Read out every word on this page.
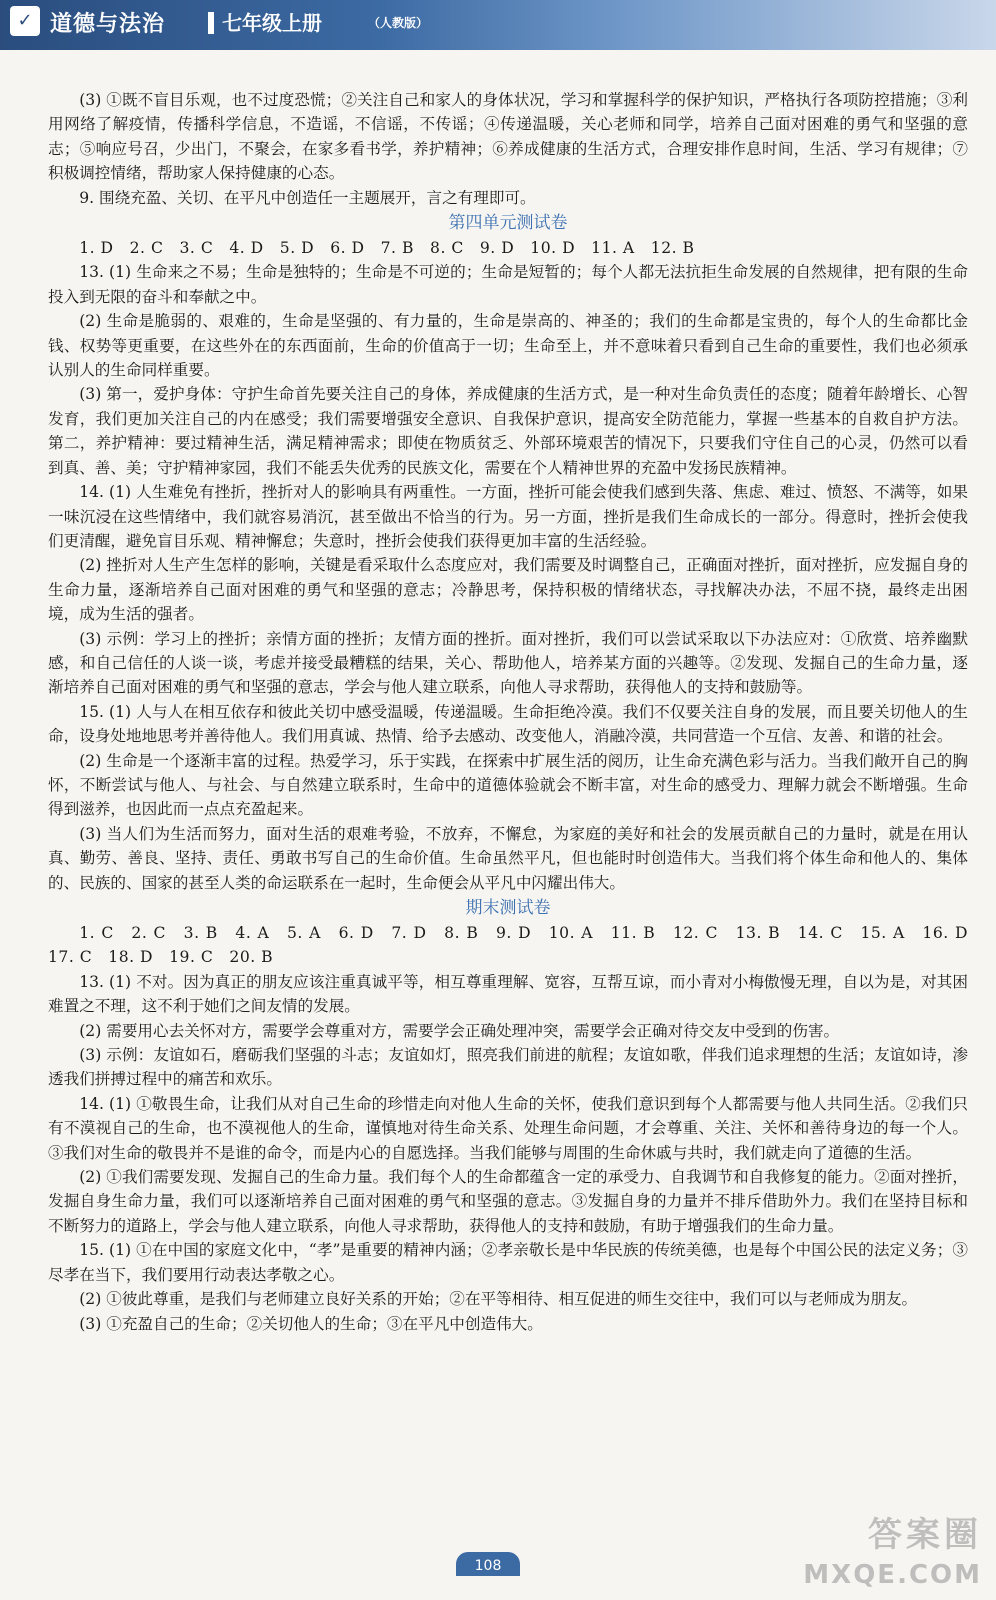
✓ 道德与法治	七年级上册	（人教版）

(3) ①既不盲目乐观，也不过度恐慌；②关注自己和家人的身体状况，学习和掌握科学的保护知识，严格执行各项防控措施；③利用网络了解疫情，传播科学信息，不造谣，不信谣，不传谣；④传递温暖，关心老师和同学，培养自己面对困难的勇气和坚强的意志；⑤响应号召，少出门，不聚会，在家多看书学，养护精神；⑥养成健康的生活方式，合理安排作息时间，生活、学习有规律；⑦积极调控情绪，帮助家人保持健康的心态。

9. 围绕充盈、关切、在平凡中创造任一主题展开，言之有理即可。

第四单元测试卷

1. D　2. C　3. C　4. D　5. D　6. D　7. B　8. C　9. D　10. D　11. A　12. B

13. (1) 生命来之不易；生命是独特的；生命是不可逆的；生命是短暂的；每个人都无法抗拒生命发展的自然规律，把有限的生命投入到无限的奋斗和奉献之中。

(2) 生命是脆弱的、艰难的，生命是坚强的、有力量的，生命是崇高的、神圣的；我们的生命都是宝贵的，每个人的生命都比金钱、权势等更重要，在这些外在的东西面前，生命的价值高于一切；生命至上，并不意味着只看到自己生命的重要性，我们也必须承认别人的生命同样重要。

(3) 第一，爱护身体：守护生命首先要关注自己的身体，养成健康的生活方式，是一种对生命负责任的态度；随着年龄增长、心智发育，我们更加关注自己的内在感受；我们需要增强安全意识、自我保护意识，提高安全防范能力，掌握一些基本的自救自护方法。第二，养护精神：要过精神生活，满足精神需求；即使在物质贫乏、外部环境艰苦的情况下，只要我们守住自己的心灵，仍然可以看到真、善、美；守护精神家园，我们不能丢失优秀的民族文化，需要在个人精神世界的充盈中发扬民族精神。

14. (1) 人生难免有挫折，挫折对人的影响具有两重性。一方面，挫折可能会使我们感到失落、焦虑、难过、愤怒、不满等，如果一味沉浸在这些情绪中，我们就容易消沉，甚至做出不恰当的行为。另一方面，挫折是我们生命成长的一部分。得意时，挫折会使我们更清醒，避免盲目乐观、精神懈怠；失意时，挫折会使我们获得更加丰富的生活经验。

(2) 挫折对人生产生怎样的影响，关键是看采取什么态度应对，我们需要及时调整自己，正确面对挫折，面对挫折，应发掘自身的生命力量，逐渐培养自己面对困难的勇气和坚强的意志；冷静思考，保持积极的情绪状态，寻找解决办法，不屈不挠，最终走出困境，成为生活的强者。

(3) 示例：学习上的挫折；亲情方面的挫折；友情方面的挫折。面对挫折，我们可以尝试采取以下办法应对：①欣赏、培养幽默感，和自己信任的人谈一谈，考虑并接受最糟糕的结果，关心、帮助他人，培养某方面的兴趣等。②发现、发掘自己的生命力量，逐渐培养自己面对困难的勇气和坚强的意志，学会与他人建立联系，向他人寻求帮助，获得他人的支持和鼓励等。

15. (1) 人与人在相互依存和彼此关切中感受温暖，传递温暖。生命拒绝冷漠。我们不仅要关注自身的发展，而且要关切他人的生命，设身处地地思考并善待他人。我们用真诚、热情、给予去感动、改变他人，消融冷漠，共同营造一个互信、友善、和谐的社会。

(2) 生命是一个逐渐丰富的过程。热爱学习，乐于实践，在探索中扩展生活的阅历，让生命充满色彩与活力。当我们敞开自己的胸怀，不断尝试与他人、与社会、与自然建立联系时，生命中的道德体验就会不断丰富，对生命的感受力、理解力就会不断增强。生命得到滋养，也因此而一点点充盈起来。

(3) 当人们为生活而努力，面对生活的艰难考验，不放弃，不懈怠，为家庭的美好和社会的发展贡献自己的力量时，就是在用认真、勤劳、善良、坚持、责任、勇敢书写自己的生命价值。生命虽然平凡，但也能时时创造伟大。当我们将个体生命和他人的、集体的、民族的、国家的甚至人类的命运联系在一起时，生命便会从平凡中闪耀出伟大。

期末测试卷

1. C　2. C　3. B　4. A　5. A　6. D　7. D　8. B　9. D　10. A　11. B　12. C　13. B　14. C　15. A　16. D　17. C　18. D　19. C　20. B

13. (1) 不对。因为真正的朋友应该注重真诚平等，相互尊重理解、宽容，互帮互谅，而小青对小梅傲慢无理，自以为是，对其困难置之不理，这不利于她们之间友情的发展。

(2) 需要用心去关怀对方，需要学会尊重对方，需要学会正确处理冲突，需要学会正确对待交友中受到的伤害。

(3) 示例：友谊如石，磨砺我们坚强的斗志；友谊如灯，照亮我们前进的航程；友谊如歌，伴我们追求理想的生活；友谊如诗，渗透我们拼搏过程中的痛苦和欢乐。

14. (1) ①敬畏生命，让我们从对自己生命的珍惜走向对他人生命的关怀，使我们意识到每个人都需要与他人共同生活。②我们只有不漠视自己的生命，也不漠视他人的生命，谨慎地对待生命关系、处理生命问题，才会尊重、关注、关怀和善待身边的每一个人。③我们对生命的敬畏并不是谁的命令，而是内心的自愿选择。当我们能够与周围的生命休戚与共时，我们就走向了道德的生活。

(2) ①我们需要发现、发掘自己的生命力量。我们每个人的生命都蕴含一定的承受力、自我调节和自我修复的能力。②面对挫折，发掘自身生命力量，我们可以逐渐培养自己面对困难的勇气和坚强的意志。③发掘自身的力量并不排斥借助外力。我们在坚持目标和不断努力的道路上，学会与他人建立联系，向他人寻求帮助，获得他人的支持和鼓励，有助于增强我们的生命力量。

15. (1) ①在中国的家庭文化中，“孝”是重要的精神内涵；②孝亲敬长是中华民族的传统美德，也是每个中国公民的法定义务；③尽孝在当下，我们要用行动表达孝敬之心。

(2) ①彼此尊重，是我们与老师建立良好关系的开始；②在平等相待、相互促进的师生交往中，我们可以与老师成为朋友。

(3) ①充盈自己的生命；②关切他人的生命；③在平凡中创造伟大。

108
答案圈
MXQE.COM
